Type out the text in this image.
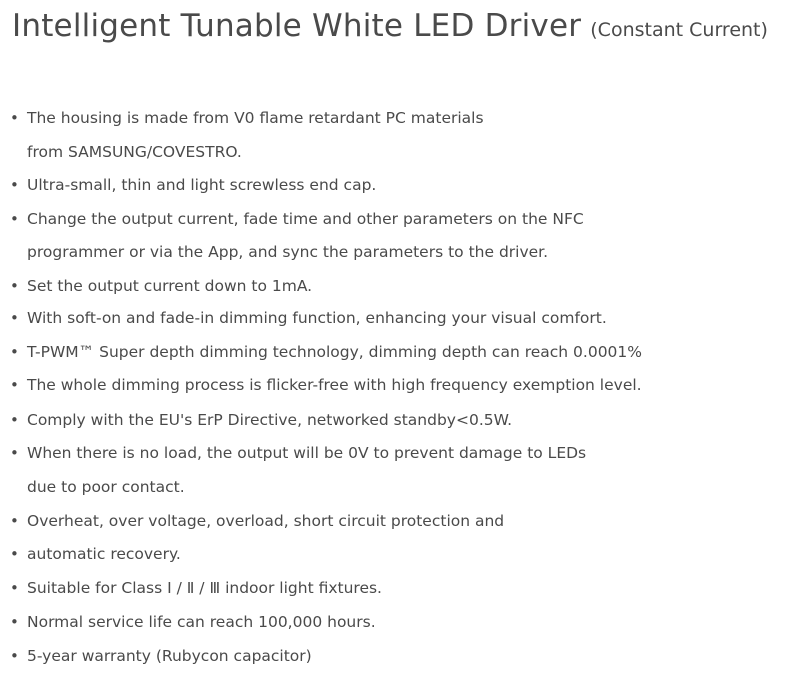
Intelligent Tunable White LED Driver (Constant Current)
• The housing is made from V0 flame retardant PC materials
from SAMSUNG/COVESTRO.
• Ultra-small, thin and light screwless end cap.
• Change the output current, fade time and other parameters on the NFC
programmer or via the App, and sync the parameters to the driver.
• Set the output current down to 1mA.
• With soft-on and fade-in dimming function, enhancing your visual comfort.
• T-PWM™ Super depth dimming technology, dimming depth can reach 0.0001%
• The whole dimming process is flicker-free with high frequency exemption level.
• Comply with the EU's ErP Directive, networked standby<0.5W.
• When there is no load, the output will be 0V to prevent damage to LEDs
due to poor contact.
• Overheat, over voltage, overload, short circuit protection and
• automatic recovery.
• Suitable for Class Ⅰ / Ⅱ / Ⅲ indoor light fixtures.
• Normal service life can reach 100,000 hours.
• 5-year warranty (Rubycon capacitor)
